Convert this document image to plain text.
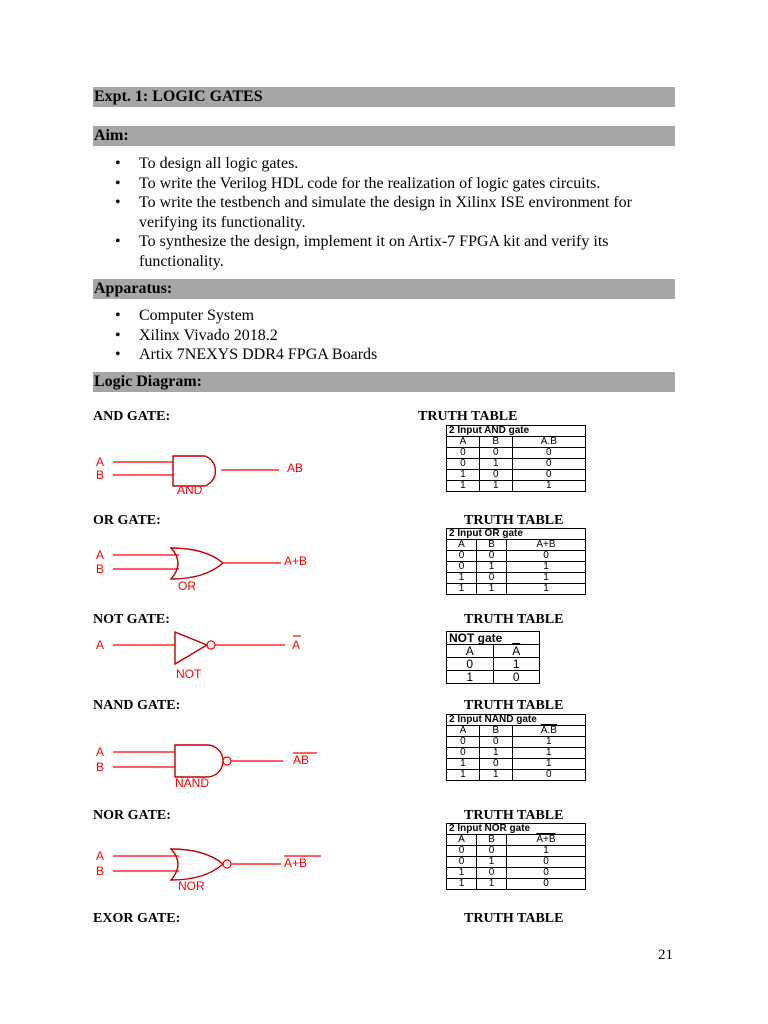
Expt. 1: LOGIC GATES
Aim:
• To design all logic gates.
• To write the Verilog HDL code for the realization of logic gates circuits.
• To write the testbench and simulate the design in Xilinx ISE environment for verifying its functionality.
• To synthesize the design, implement it on Artix-7 FPGA kit and verify its functionality.
Apparatus:
• Computer System
• Xilinx Vivado 2018.2
• Artix 7NEXYS DDR4 FPGA Boards
Logic Diagram:
AND GATE:	TRUTH TABLE
A
B	AB
AND
2 Input AND gate		
A	B	A.B
0	0	0
0	1	0
1	0	0
1	1	1
OR GATE:	TRUTH TABLE
A
B
A+B
OR
2 Input OR gate		
A	B	A+B
0	0	0
0	1	1
1	0	1
1	1	1
NOT GATE:	TRUTH TABLE
A	A
NOT
NOT gate	
A	$\overline{A}$
0	1
1	0
NAND GATE:	TRUTH TABLE
A
B	AB
NAND
2 Input NAND gate		
A	B	A.B
0	0	1
0	1	1
1	0	1
1	1	0
NOR GATE:	TRUTH TABLE
A
B
A+B
NOR
2 Input NOR gate		
A	B	A+B
0	0	1
0	1	0
1	0	0
1	1	0
EXOR GATE:	TRUTH TABLE
21
